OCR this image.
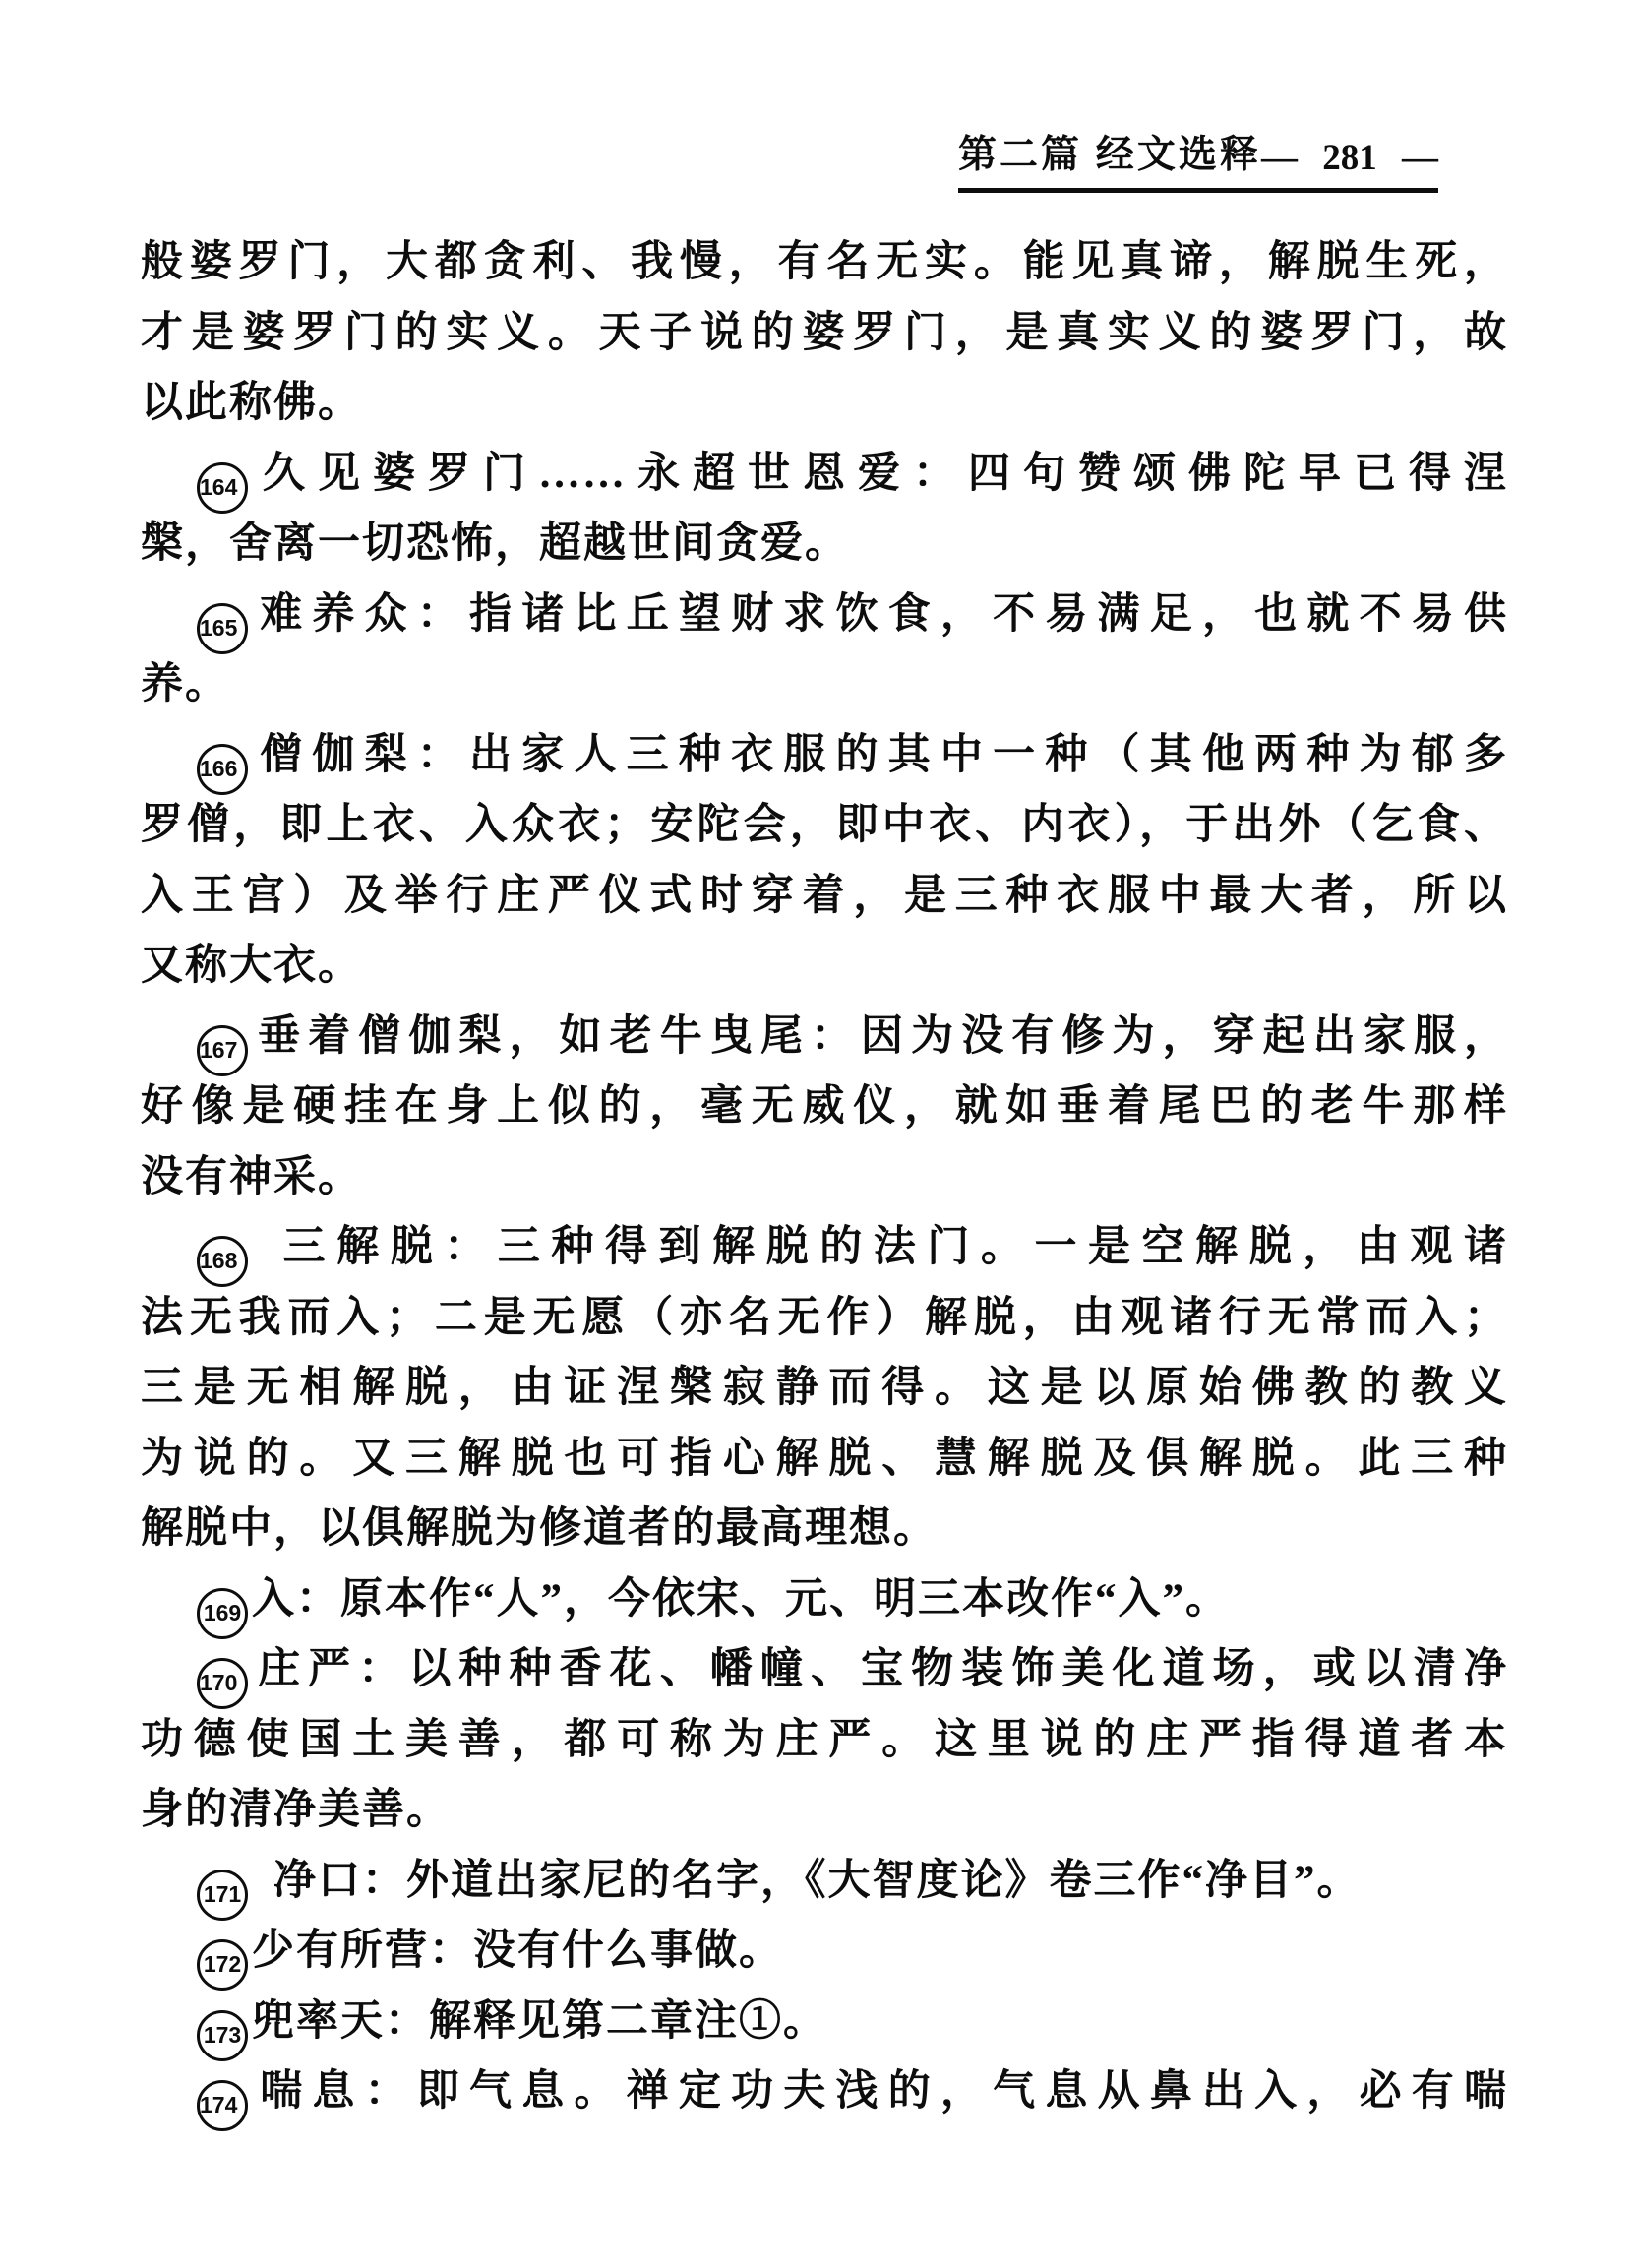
第二篇 经文选释 — 281 —
般婆罗门，大都贪利、我慢，有名无实。能见真谛，解脱生死，
才是婆罗门的实义。天子说的婆罗门，是真实义的婆罗门，故
以此称佛。
164 久见婆罗门……永超世恩爱：四句赞颂佛陀早已得涅
槃，舍离一切恐怖，超越世间贪爱。
165 难养众：指诸比丘望财求饮食，不易满足，也就不易供
养。
166 僧伽梨：出家人三种衣服的其中一种（其他两种为郁多
罗僧，即上衣、入众衣；安陀会，即中衣、内衣），于出外（乞食、
入王宫）及举行庄严仪式时穿着，是三种衣服中最大者，所以
又称大衣。
167 垂着僧伽梨，如老牛曳尾：因为没有修为，穿起出家服，
好像是硬挂在身上似的，毫无威仪，就如垂着尾巴的老牛那样
没有神采。
168 三解脱：三种得到解脱的法门。一是空解脱，由观诸
法无我而入；二是无愿（亦名无作）解脱，由观诸行无常而入；
三是无相解脱，由证涅槃寂静而得。这是以原始佛教的教义
为说的。又三解脱也可指心解脱、慧解脱及俱解脱。此三种
解脱中，以俱解脱为修道者的最高理想。
169 入：原本作“人”，今依宋、元、明三本改作“入”。
170 庄严：以种种香花、幡幢、宝物装饰美化道场，或以清净
功德使国土美善，都可称为庄严。这里说的庄严指得道者本
身的清净美善。
171 净口：外道出家尼的名字，《大智度论》卷三作“净目”。
172 少有所营：没有什么事做。
173 兜率天：解释见第二章注①。
174 喘息：即气息。禅定功夫浅的，气息从鼻出入，必有喘
